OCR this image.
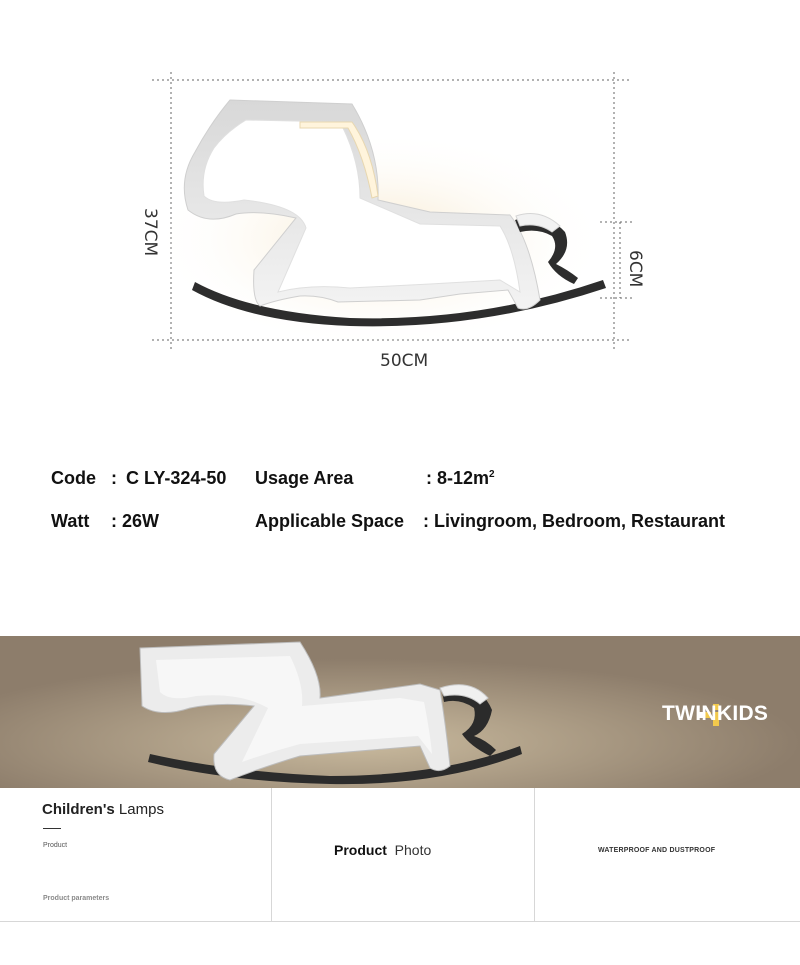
37CM
50CM
6CM
Code : C LY-324-50 Usage Area	: $8-12m^2$
Watt : 26W	Applicable Space : Livingroom, Bedroom, Restaurant
TWINKIDS
Children's Lamps
Product
Product parameters
Product  Photo	WATERPROOF AND DUSTPROOF
